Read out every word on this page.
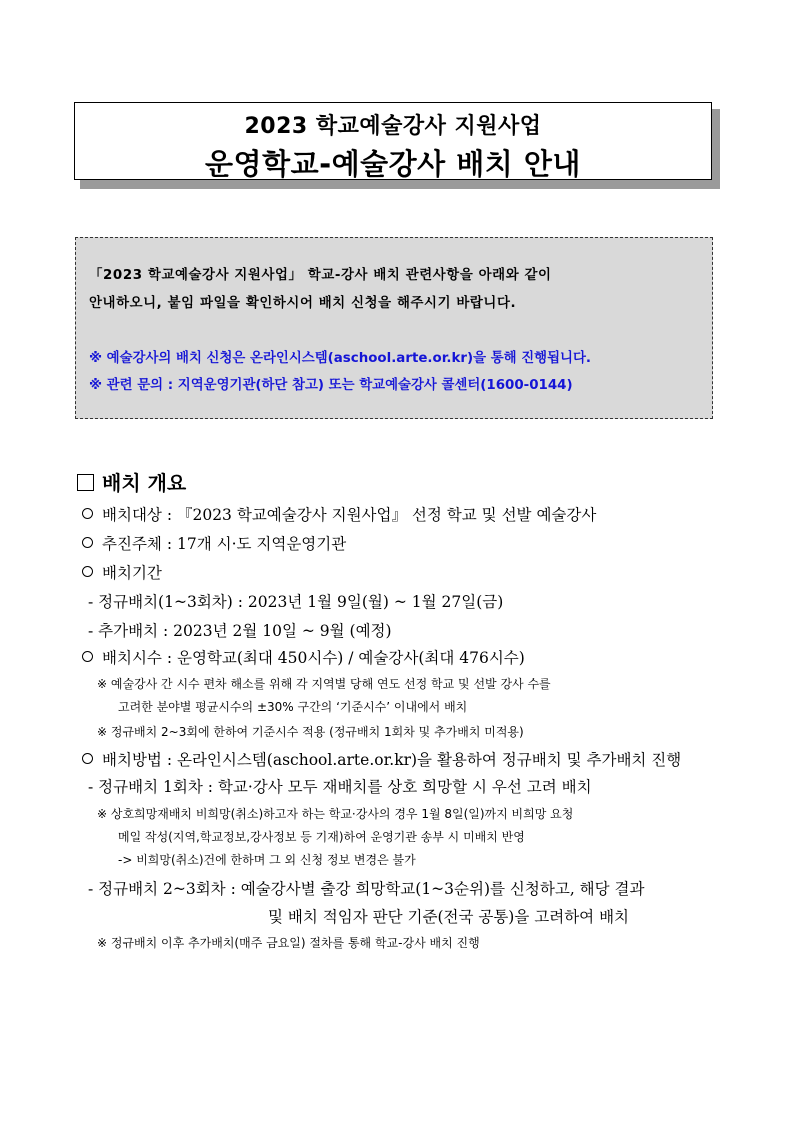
2023 학교예술강사 지원사업
운영학교-예술강사 배치 안내

「2023 학교예술강사 지원사업」 학교-강사 배치 관련사항을 아래와 같이

안내하오니, 붙임 파일을 확인하시어 배치 신청을 해주시기 바랍니다.

※ 예술강사의 배치 신청은 온라인시스템(aschool.arte.or.kr)을 통해 진행됩니다.

※ 관련 문의 : 지역운영기관(하단 참고) 또는 학교예술강사 콜센터(1600-0144)

배치 개요
배치대상 : 『2023 학교예술강사 지원사업』 선정 학교 및 선발 예술강사
추진주체 : 17개 시·도 지역운영기관
배치기간
- 정규배치(1~3회차) : 2023년 1월 9일(월) ~ 1월 27일(금)
- 추가배치 : 2023년 2월 10일 ~ 9월 (예정)
배치시수 : 운영학교(최대 450시수) / 예술강사(최대 476시수)
※ 예술강사 간 시수 편차 해소를 위해 각 지역별 당해 연도 선정 학교 및 선발 강사 수를
고려한 분야별 평균시수의 ±30% 구간의 ‘기준시수’ 이내에서 배치
※ 정규배치 2~3회에 한하여 기준시수 적용 (정규배치 1회차 및 추가배치 미적용)
배치방법 : 온라인시스템(aschool.arte.or.kr)을 활용하여 정규배치 및 추가배치 진행
- 정규배치 1회차 : 학교·강사 모두 재배치를 상호 희망할 시 우선 고려 배치
※ 상호희망재배치 비희망(취소)하고자 하는 학교·강사의 경우 1월 8일(일)까지 비희망 요청
메일 작성(지역,학교정보,강사정보 등 기재)하여 운영기관 송부 시 미배치 반영
-> 비희망(취소)건에 한하며 그 외 신청 정보 변경은 불가
- 정규배치 2~3회차 : 예술강사별 출강 희망학교(1~3순위)를 신청하고, 해당 결과
및 배치 적임자 판단 기준(전국 공통)을 고려하여 배치
※ 정규배치 이후 추가배치(매주 금요일) 절차를 통해 학교-강사 배치 진행
